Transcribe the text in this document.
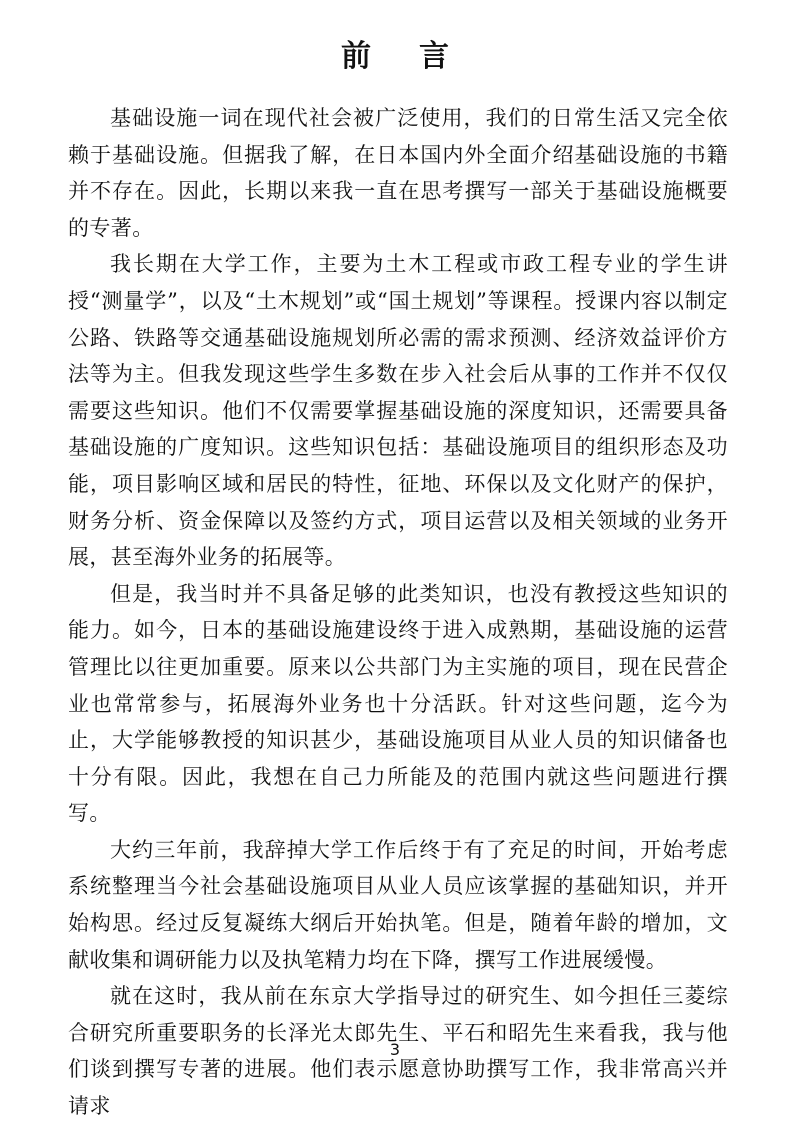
前言

基础设施一词在现代社会被广泛使用，我们的日常生活又完全依赖于基础设施。但据我了解，在日本国内外全面介绍基础设施的书籍并不存在。因此，长期以来我一直在思考撰写一部关于基础设施概要的专著。

我长期在大学工作，主要为土木工程或市政工程专业的学生讲授“测量学”，以及“土木规划”或“国土规划”等课程。授课内容以制定公路、铁路等交通基础设施规划所必需的需求预测、经济效益评价方法等为主。但我发现这些学生多数在步入社会后从事的工作并不仅仅需要这些知识。他们不仅需要掌握基础设施的深度知识，还需要具备基础设施的广度知识。这些知识包括：基础设施项目的组织形态及功能，项目影响区域和居民的特性，征地、环保以及文化财产的保护，财务分析、资金保障以及签约方式，项目运营以及相关领域的业务开展，甚至海外业务的拓展等。

但是，我当时并不具备足够的此类知识，也没有教授这些知识的能力。如今，日本的基础设施建设终于进入成熟期，基础设施的运营管理比以往更加重要。原来以公共部门为主实施的项目，现在民营企业也常常参与，拓展海外业务也十分活跃。针对这些问题，迄今为止，大学能够教授的知识甚少，基础设施项目从业人员的知识储备也十分有限。因此，我想在自己力所能及的范围内就这些问题进行撰写。

大约三年前，我辞掉大学工作后终于有了充足的时间，开始考虑系统整理当今社会基础设施项目从业人员应该掌握的基础知识，并开始构思。经过反复凝练大纲后开始执笔。但是，随着年龄的增加，文献收集和调研能力以及执笔精力均在下降，撰写工作进展缓慢。

就在这时，我从前在东京大学指导过的研究生、如今担任三菱综合研究所重要职务的长泽光太郎先生、平石和昭先生来看我，我与他们谈到撰写专著的进展。他们表示愿意协助撰写工作，我非常高兴并请求

3
